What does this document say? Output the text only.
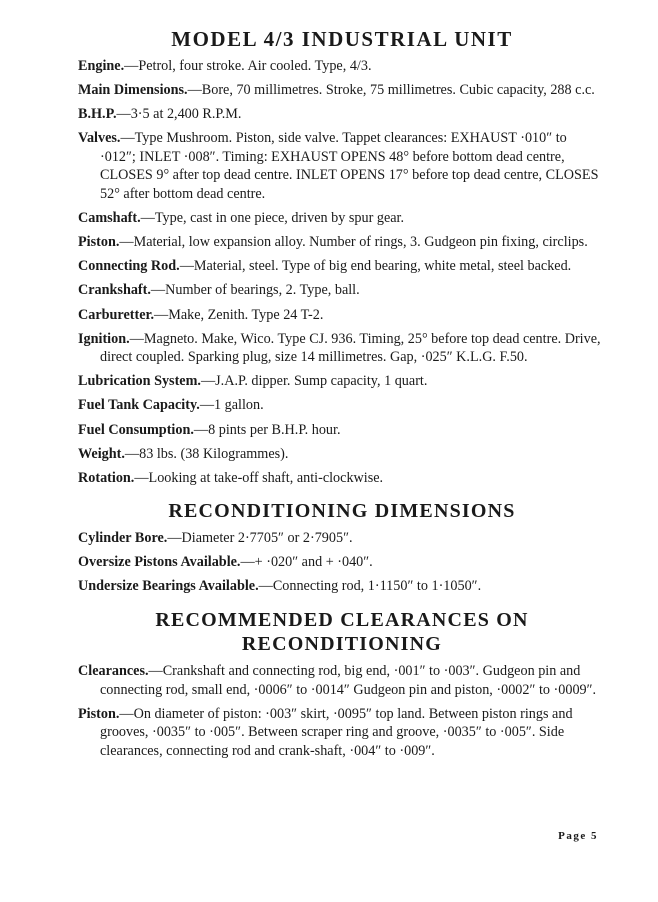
MODEL 4/3 INDUSTRIAL UNIT

Engine.—Petrol, four stroke. Air cooled. Type, 4/3.

Main Dimensions.—Bore, 70 millimetres. Stroke, 75 millimetres. Cubic capacity, 288 c.c.

B.H.P.—3·5 at 2,400 R.P.M.

Valves.—Type Mushroom. Piston, side valve. Tappet clearances: EXHAUST ·010″ to ·012″; INLET ·008″. Timing: EXHAUST OPENS 48° before bottom dead centre, CLOSES 9° after top dead centre. INLET OPENS 17° before top dead centre, CLOSES 52° after bottom dead centre.

Camshaft.—Type, cast in one piece, driven by spur gear.

Piston.—Material, low expansion alloy. Number of rings, 3. Gudgeon pin fixing, circlips.

Connecting Rod.—Material, steel. Type of big end bearing, white metal, steel backed.

Crankshaft.—Number of bearings, 2. Type, ball.

Carburetter.—Make, Zenith. Type 24 T-2.

Ignition.—Magneto. Make, Wico. Type CJ. 936. Timing, 25° before top dead centre. Drive, direct coupled. Sparking plug, size 14 millimetres. Gap, ·025″ K.L.G. F.50.

Lubrication System.—J.A.P. dipper. Sump capacity, 1 quart.

Fuel Tank Capacity.—1 gallon.

Fuel Consumption.—8 pints per B.H.P. hour.

Weight.—83 lbs. (38 Kilogrammes).

Rotation.—Looking at take-off shaft, anti-clockwise.

RECONDITIONING DIMENSIONS

Cylinder Bore.—Diameter 2·7705″ or 2·7905″.

Oversize Pistons Available.—+ ·020″ and + ·040″.

Undersize Bearings Available.—Connecting rod, 1·1150″ to 1·1050″.

RECOMMENDED CLEARANCES ON
RECONDITIONING

Clearances.—Crankshaft and connecting rod, big end, ·001″ to ·003″. Gudgeon pin and connecting rod, small end, ·0006″ to ·0014″ Gudgeon pin and piston, ·0002″ to ·0009″.

Piston.—On diameter of piston: ·003″ skirt, ·0095″ top land. Between piston rings and grooves, ·0035″ to ·005″. Between scraper ring and groove, ·0035″ to ·005″. Side clearances, connecting rod and crank-shaft, ·004″ to ·009″.

Page 5
